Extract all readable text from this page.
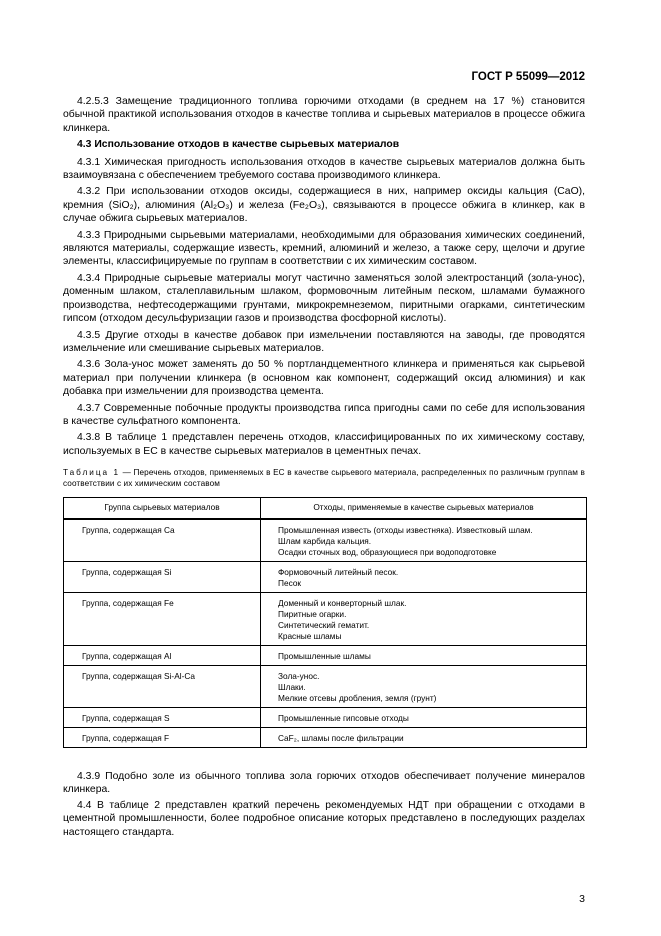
ГОСТ Р 55099—2012

4.2.5.3 Замещение традиционного топлива горючими отходами (в среднем на 17 %) становится обычной практикой использования отходов в качестве топлива и сырьевых материалов в процессе обжига клинкера.

4.3 Использование отходов в качестве сырьевых материалов

4.3.1 Химическая пригодность использования отходов в качестве сырьевых материалов должна быть взаимоувязана с обеспечением требуемого состава производимого клинкера.

4.3.2 При использовании отходов оксиды, содержащиеся в них, например оксиды кальция (CaO), кремния (SiO₂), алюминия (Al₂O₃) и железа (Fe₂O₃), связываются в процессе обжига в клинкер, как в случае обжига сырьевых материалов.

4.3.3 Природными сырьевыми материалами, необходимыми для образования химических соединений, являются материалы, содержащие известь, кремний, алюминий и железо, а также серу, щелочи и другие элементы, классифицируемые по группам в соответствии с их химическим составом.

4.3.4 Природные сырьевые материалы могут частично заменяться золой электростанций (зола-унос), доменным шлаком, сталеплавильным шлаком, формовочным литейным песком, шламами бумажного производства, нефтесодержащими грунтами, микрокремнеземом, пиритными огарками, синтетическим гипсом (отходом десульфуризации газов и производства фосфорной кислоты).

4.3.5 Другие отходы в качестве добавок при измельчении поставляются на заводы, где проводятся измельчение или смешивание сырьевых материалов.

4.3.6 Зола-унос может заменять до 50 % портландцементного клинкера и применяться как сырьевой материал при получении клинкера (в основном как компонент, содержащий оксид алюминия) и как добавка при измельчении для производства цемента.

4.3.7 Современные побочные продукты производства гипса пригодны сами по себе для использования в качестве сульфатного компонента.

4.3.8 В таблице 1 представлен перечень отходов, классифицированных по их химическому составу, используемых в ЕС в качестве сырьевых материалов в цементных печах.

Таблица 1 — Перечень отходов, применяемых в ЕС в качестве сырьевого материала, распределенных по различным группам в соответствии с их химическим составом
Группа сырьевых материалов	Отходы, применяемые в качестве сырьевых материалов
Группа, содержащая Ca	Промышленная известь (отходы известняка). Известковый шлам.
Шлам карбида кальция.
Осадки сточных вод, образующиеся при водоподготовке

Группа, содержащая Si	Формовочный литейный песок.
Песок

Группа, содержащая Fe	Доменный и конверторный шлак.
Пиритные огарки.
Синтетический гематит.
Красные шламы

Группа, содержащая Al	Промышленные шламы

Группа, содержащая Si-Al-Ca	Зола-унос.
Шлаки.
Мелкие отсевы дробления, земля (грунт)

Группа, содержащая S	Промышленные гипсовые отходы

Группа, содержащая F	CaF₂, шламы после фильтрации

4.3.9 Подобно золе из обычного топлива зола горючих отходов обеспечивает получение минералов клинкера.

4.4 В таблице 2 представлен краткий перечень рекомендуемых НДТ при обращении с отходами в цементной промышленности, более подробное описание которых представлено в последующих разделах настоящего стандарта.

3
